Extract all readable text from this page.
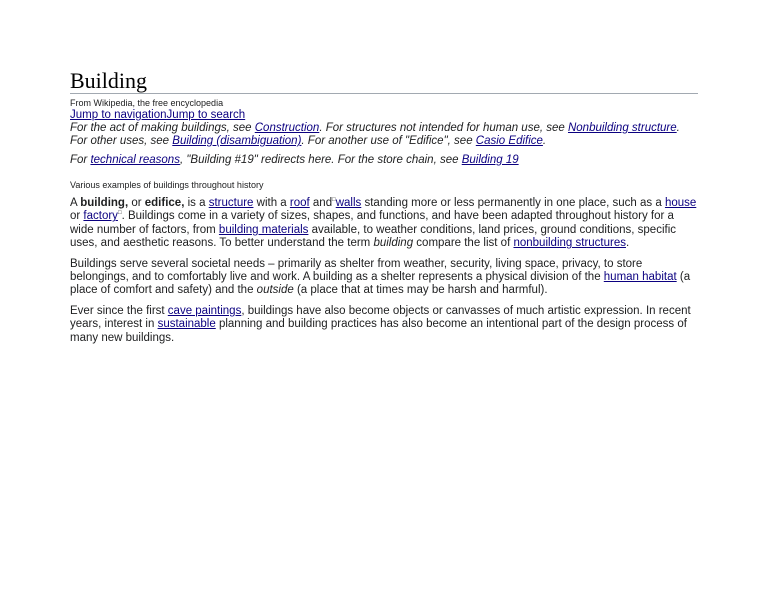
Building
From Wikipedia, the free encyclopedia
Jump to navigationJump to search
For the act of making buildings, see Construction. For structures not intended for human use, see Nonbuilding structure.
For other uses, see Building (disambiguation). For another use of "Edifice", see Casio Edifice.
For technical reasons, "Building #19" redirects here. For the store chain, see Building 19
Various examples of buildings throughout history

A building, or edifice, is a structure with a roof and□walls standing more or less permanently in one place, such as a house or factory□. Buildings come in a variety of sizes, shapes, and functions, and have been adapted throughout history for a wide number of factors, from building materials available, to weather conditions, land prices, ground conditions, specific uses, and aesthetic reasons. To better understand the term building compare the list of nonbuilding structures.

Buildings serve several societal needs – primarily as shelter from weather, security, living space, privacy, to store belongings, and to comfortably live and work. A building as a shelter represents a physical division of the human habitat (a place of comfort and safety) and the outside (a place that at times may be harsh and harmful).

Ever since the first cave paintings, buildings have also become objects or canvasses of much artistic expression. In recent years, interest in sustainable planning and building practices has also become an intentional part of the design process of many new buildings.
